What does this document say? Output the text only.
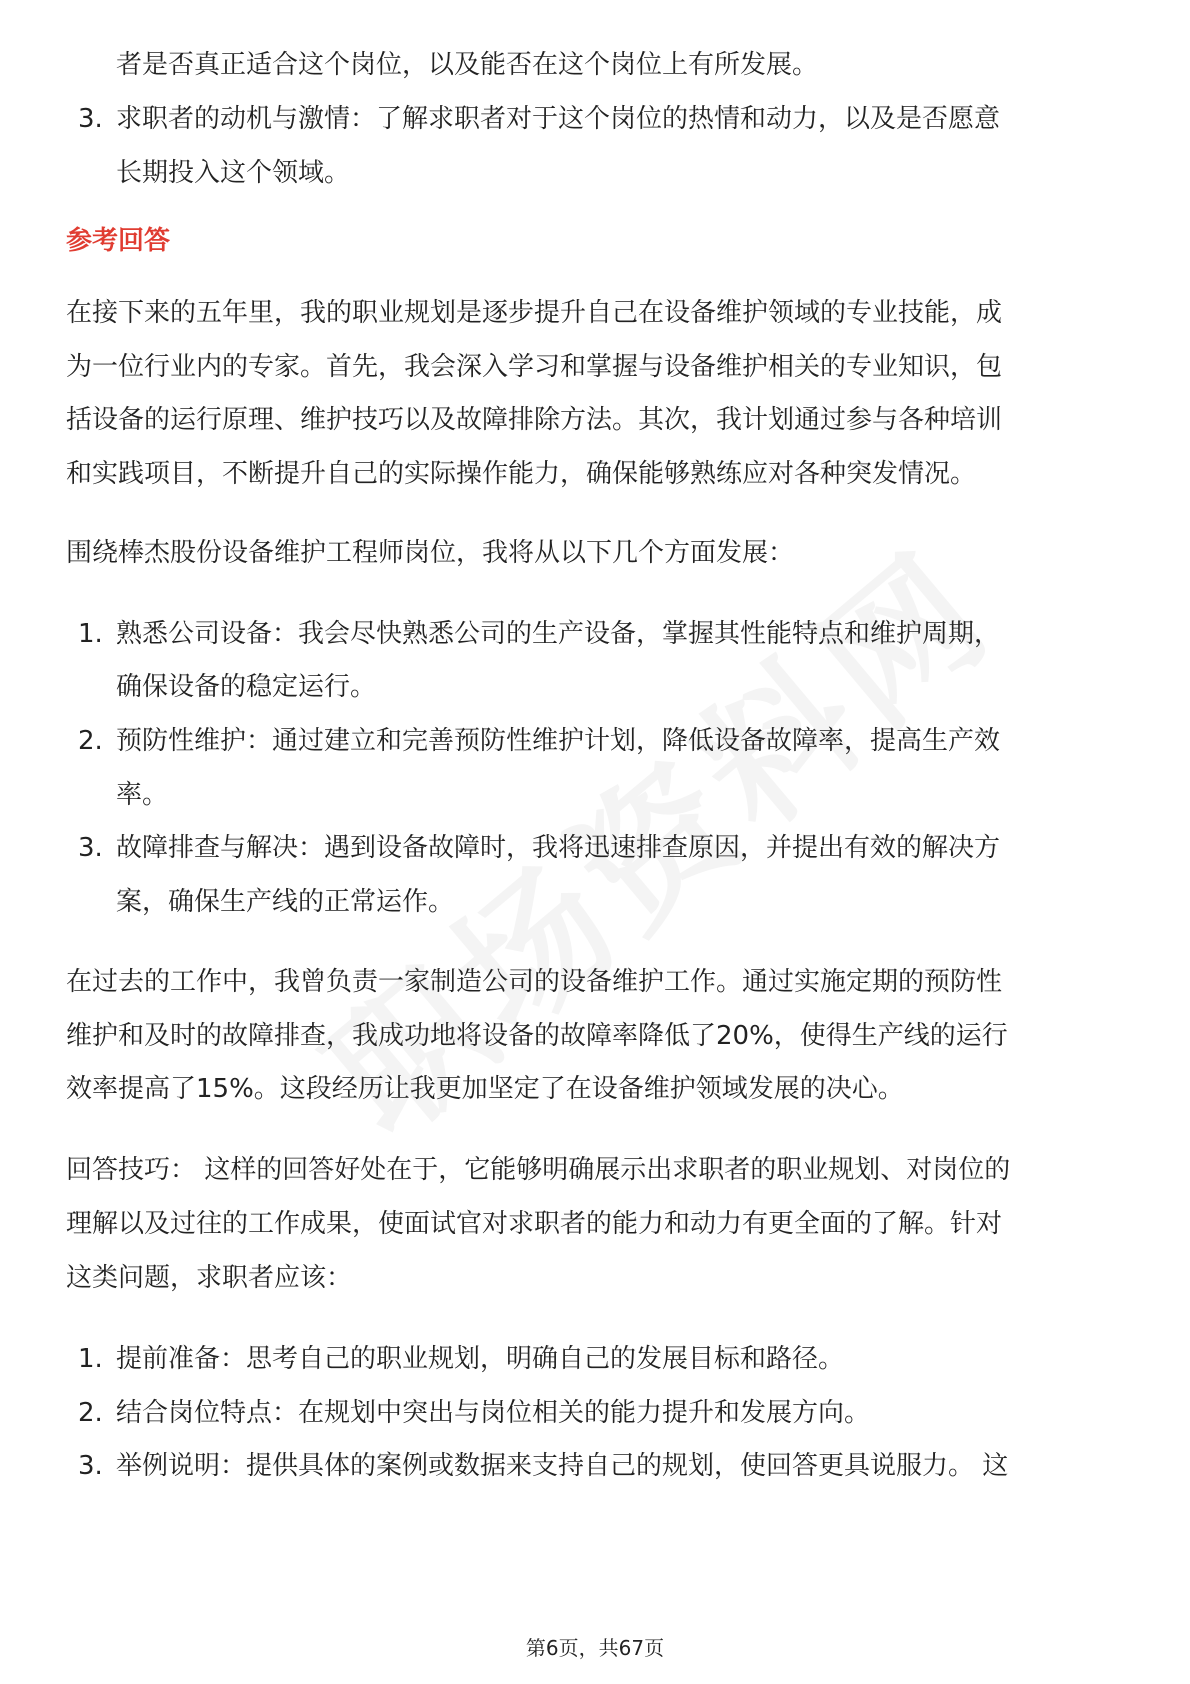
者是否真正适合这个岗位，以及能否在这个岗位上有所发展。
3. 求职者的动机与激情：了解求职者对于这个岗位的热情和动力，以及是否愿意
长期投入这个领域。
参考回答
在接下来的五年里，我的职业规划是逐步提升自己在设备维护领域的专业技能，成
为一位行业内的专家。首先，我会深入学习和掌握与设备维护相关的专业知识，包
括设备的运行原理、维护技巧以及故障排除方法。其次，我计划通过参与各种培训
和实践项目，不断提升自己的实际操作能力，确保能够熟练应对各种突发情况。
围绕棒杰股份设备维护工程师岗位，我将从以下几个方面发展：
1. 熟悉公司设备：我会尽快熟悉公司的生产设备，掌握其性能特点和维护周期，
确保设备的稳定运行。
2. 预防性维护：通过建立和完善预防性维护计划，降低设备故障率，提高生产效
率。
3. 故障排查与解决：遇到设备故障时，我将迅速排查原因，并提出有效的解决方
案，确保生产线的正常运作。
在过去的工作中，我曾负责一家制造公司的设备维护工作。通过实施定期的预防性
维护和及时的故障排查，我成功地将设备的故障率降低了20%，使得生产线的运行
效率提高了15%。这段经历让我更加坚定了在设备维护领域发展的决心。
回答技巧： 这样的回答好处在于，它能够明确展示出求职者的职业规划、对岗位的
理解以及过往的工作成果，使面试官对求职者的能力和动力有更全面的了解。针对
这类问题，求职者应该：
1. 提前准备：思考自己的职业规划，明确自己的发展目标和路径。
2. 结合岗位特点：在规划中突出与岗位相关的能力提升和发展方向。
3. 举例说明：提供具体的案例或数据来支持自己的规划，使回答更具说服力。 这
第6页，共67页
